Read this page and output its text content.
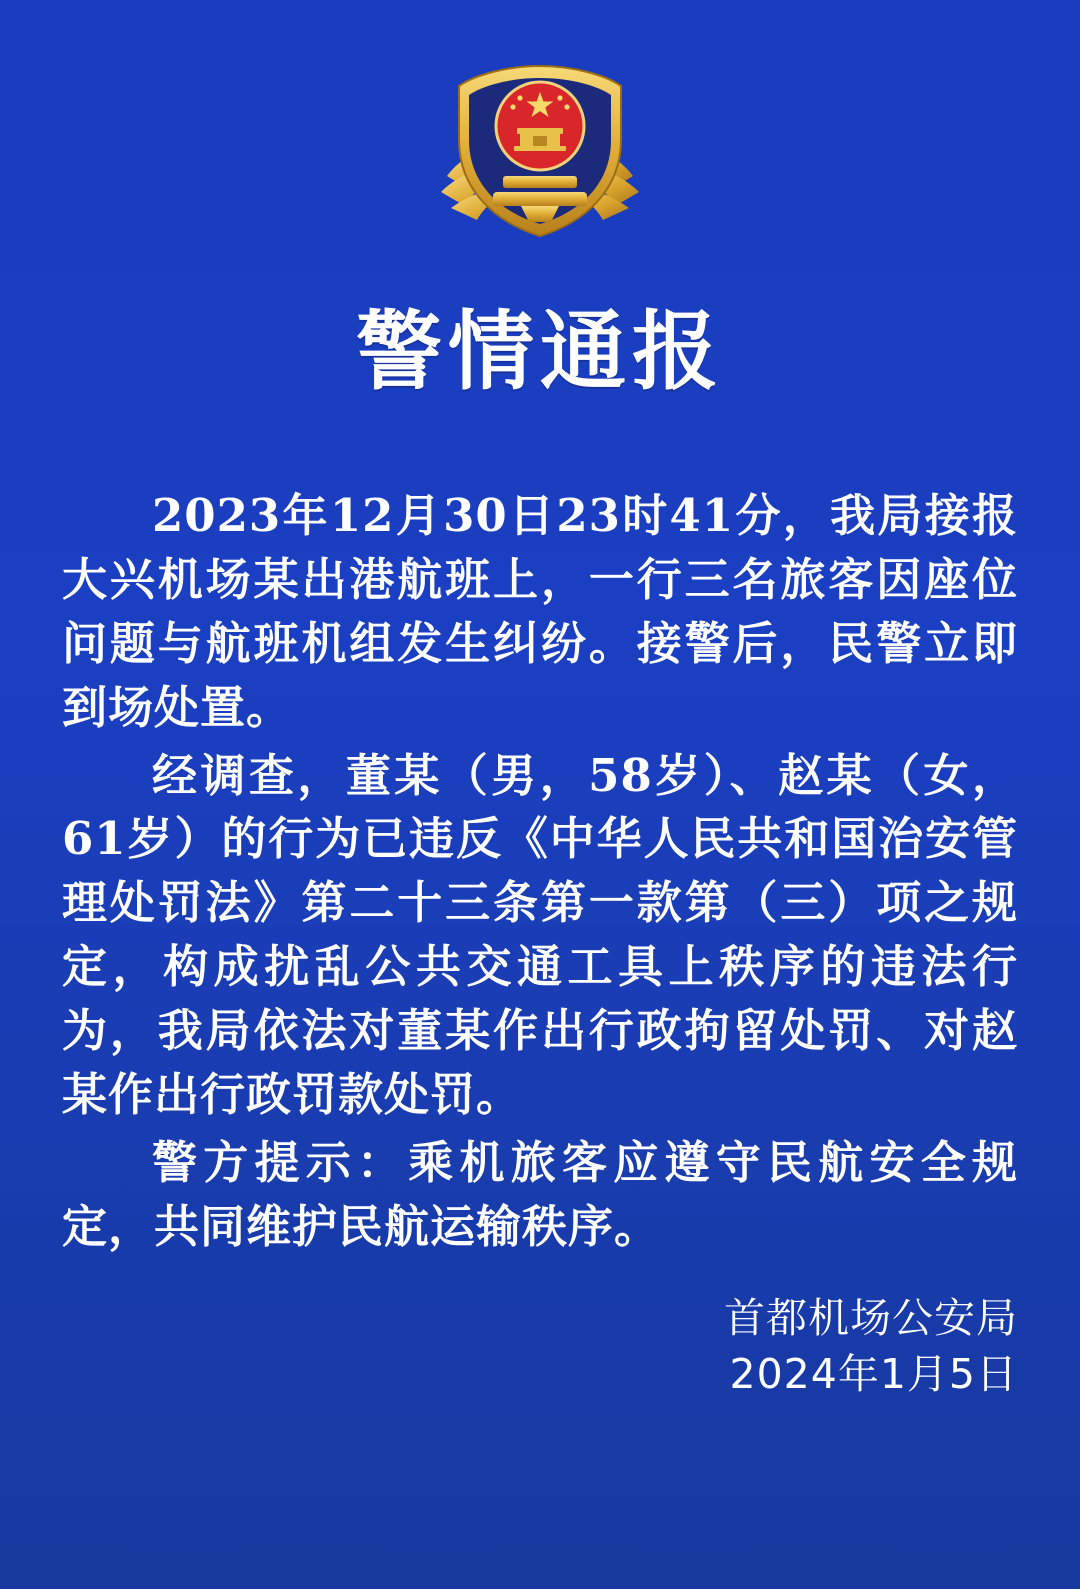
警情通报

2023年12月30日23时41分，我局接报大兴机场某出港航班上，一行三名旅客因座位问题与航班机组发生纠纷。接警后，民警立即到场处置。

经调查，董某（男，58岁）、赵某（女，61岁）的行为已违反《中华人民共和国治安管理处罚法》第二十三条第一款第（三）项之规定，构成扰乱公共交通工具上秩序的违法行为，我局依法对董某作出行政拘留处罚、对赵某作出行政罚款处罚。

警方提示：乘机旅客应遵守民航安全规定，共同维护民航运输秩序。

首都机场公安局
2024年1月5日
